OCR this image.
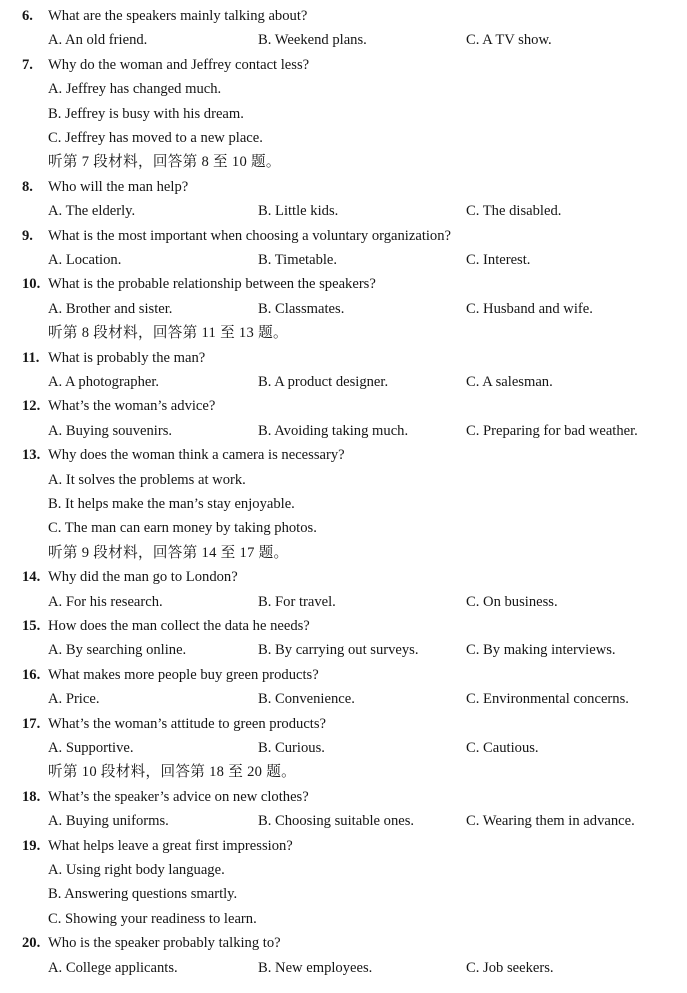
6. What are the speakers mainly talking about?
A. An old friend.	B. Weekend plans.	C. A TV show.
7. Why do the woman and Jeffrey contact less?
A. Jeffrey has changed much.
B. Jeffrey is busy with his dream.
C. Jeffrey has moved to a new place.
听第 7 段材料，回答第 8 至 10 题。
8. Who will the man help?
A. The elderly.	B. Little kids.	C. The disabled.
9. What is the most important when choosing a voluntary organization?
A. Location.	B. Timetable.	C. Interest.
10. What is the probable relationship between the speakers?
A. Brother and sister.	B. Classmates.	C. Husband and wife.
听第 8 段材料，回答第 11 至 13 题。
11. What is probably the man?
A. A photographer.	B. A product designer.	C. A salesman.
12. What’s the woman’s advice?
A. Buying souvenirs.	B. Avoiding taking much.	C. Preparing for bad weather.
13. Why does the woman think a camera is necessary?
A. It solves the problems at work.
B. It helps make the man’s stay enjoyable.
C. The man can earn money by taking photos.
听第 9 段材料，回答第 14 至 17 题。
14. Why did the man go to London?
A. For his research.	B. For travel.	C. On business.
15. How does the man collect the data he needs?
A. By searching online.	B. By carrying out surveys.	C. By making interviews.
16. What makes more people buy green products?
A. Price.	B. Convenience.	C. Environmental concerns.
17. What’s the woman’s attitude to green products?
A. Supportive.	B. Curious.	C. Cautious.
听第 10 段材料，回答第 18 至 20 题。
18. What’s the speaker’s advice on new clothes?
A. Buying uniforms.	B. Choosing suitable ones.	C. Wearing them in advance.
19. What helps leave a great first impression?
A. Using right body language.
B. Answering questions smartly.
C. Showing your readiness to learn.
20. Who is the speaker probably talking to?
A. College applicants.	B. New employees.	C. Job seekers.
